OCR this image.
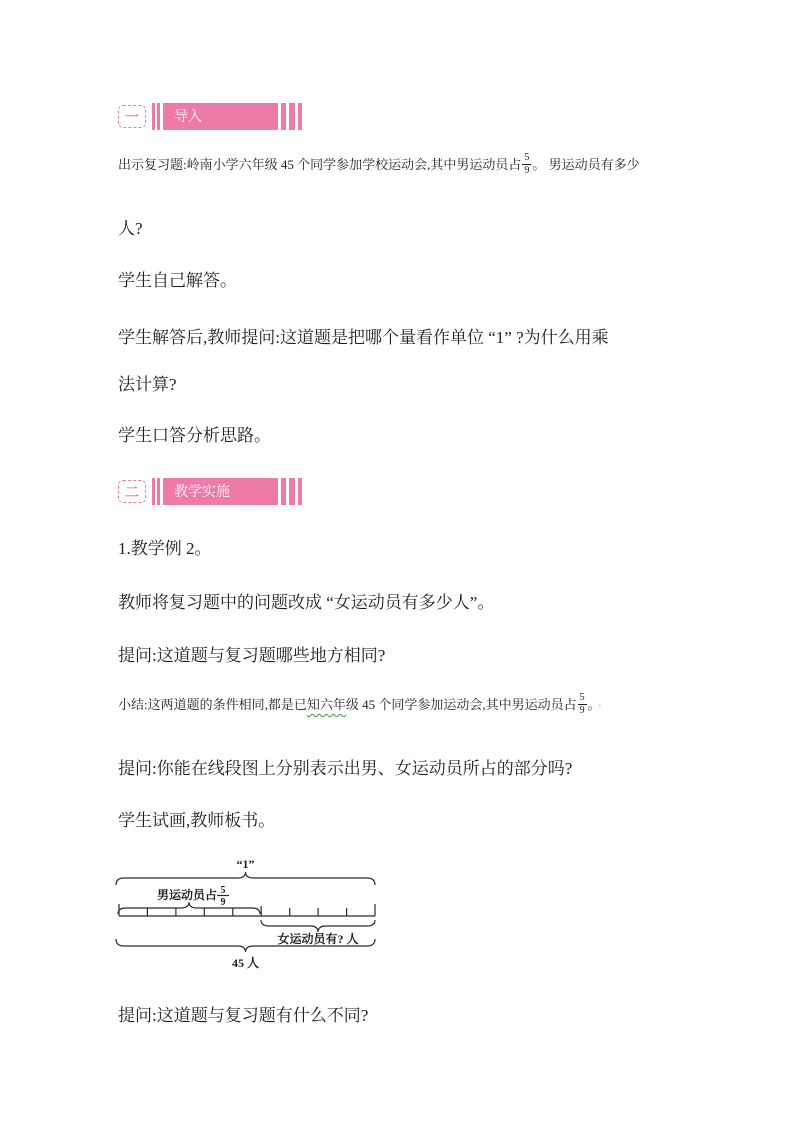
一	导入
出示复习题:岭南小学六年级 45 个同学参加学校运动会,其中男运动员占 $\frac{5}{9}$ 。 男运动员有多少
人?
学生自己解答。
学生解答后,教师提问:这道题是把哪个量看作单位 “1” ?为什么用乘
法计算?
学生口答分析思路。
二	教学实施
1.教学例 2。
教师将复习题中的问题改成 “女运动员有多少人”。
提问:这道题与复习题哪些地方相同?
小结:这两道题的条件相同,都是已知六年级 45 个同学参加运动会,其中男运动员占 $\frac{5}{9}$ 。 ·
提问:你能在线段图上分别表示出男、女运动员所占的部分吗?
学生试画,教师板书。
“1”
男运动员占 5
9
女运动员有? 人
45 人
提问:这道题与复习题有什么不同?
